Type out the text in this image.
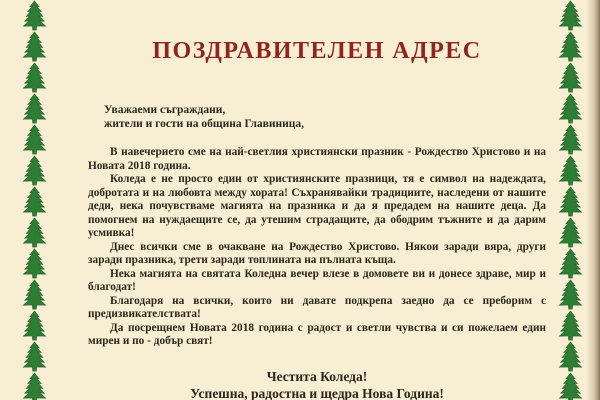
ПОЗДРАВИТЕЛЕН АДРЕС
Уважаеми съграждани,
жители и гости на община Главиница,

В навечерието сме на най-светлия християнски празник - Рождество Христово и на Новата 2018 година.

Коледа е не просто един от християнските празници, тя е символ на надеждата, добротата и на любовта между хората! Съхранявайки традициите, наследени от нашите деди, нека почувстваме магията на празника и да я предадем на нашите деца. Да помогнем на нуждаещите се, да утешим страдащите, да ободрим тъжните и да дарим усмивка!

Днес всички сме в очакване на Рождество Христово. Някои заради вяра, други заради празника, трети заради топлината на пълната къща.

Нека магията на святата Коледна вечер влезе в домовете ви и донесе здраве, мир и благодат!

Благодаря на всички, които ни давате подкрепа заедно да се преборим с предизвикателствата!

Да посрещнем Новата 2018 година с радост и светли чувства и си пожелаем един мирен и по - добър свят!

Честита Коледа!
Успешна, радостна и щедра Нова Година!
